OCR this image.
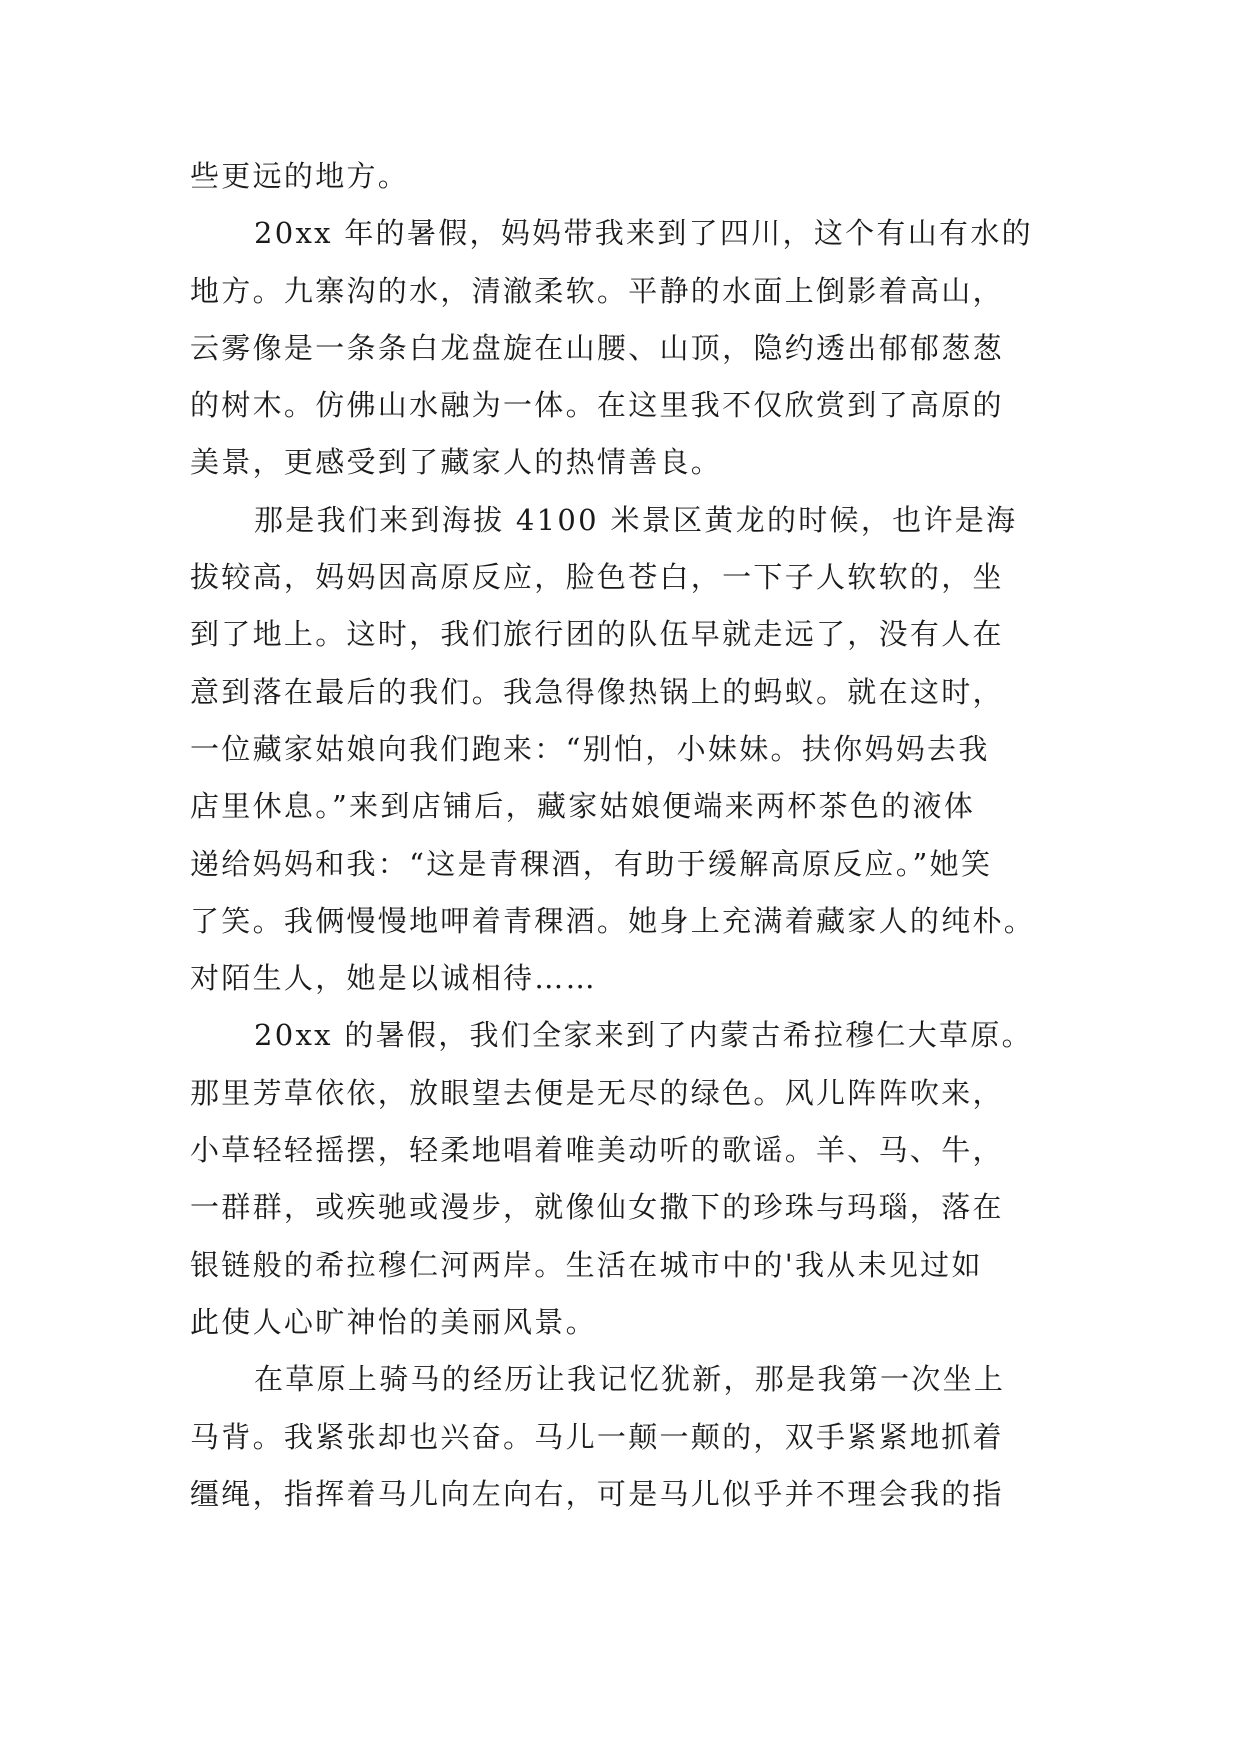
些更远的地方。
20xx 年的暑假，妈妈带我来到了四川，这个有山有水的
地方。九寨沟的水，清澈柔软。平静的水面上倒影着高山，
云雾像是一条条白龙盘旋在山腰、山顶，隐约透出郁郁葱葱
的树木。仿佛山水融为一体。在这里我不仅欣赏到了高原的
美景，更感受到了藏家人的热情善良。
那是我们来到海拔 4100 米景区黄龙的时候，也许是海
拔较高，妈妈因高原反应，脸色苍白，一下子人软软的，坐
到了地上。这时，我们旅行团的队伍早就走远了，没有人在
意到落在最后的我们。我急得像热锅上的蚂蚁。就在这时，
一位藏家姑娘向我们跑来：“别怕，小妹妹。扶你妈妈去我
店里休息。”来到店铺后，藏家姑娘便端来两杯茶色的液体
递给妈妈和我：“这是青稞酒，有助于缓解高原反应。”她笑
了笑。我俩慢慢地呷着青稞酒。她身上充满着藏家人的纯朴。
对陌生人，她是以诚相待……
20xx 的暑假，我们全家来到了内蒙古希拉穆仁大草原。
那里芳草依依，放眼望去便是无尽的绿色。风儿阵阵吹来，
小草轻轻摇摆，轻柔地唱着唯美动听的歌谣。羊、马、牛，
一群群，或疾驰或漫步，就像仙女撒下的珍珠与玛瑙，落在
银链般的希拉穆仁河两岸。生活在城市中的'我从未见过如
此使人心旷神怡的美丽风景。
在草原上骑马的经历让我记忆犹新，那是我第一次坐上
马背。我紧张却也兴奋。马儿一颠一颠的，双手紧紧地抓着
缰绳，指挥着马儿向左向右，可是马儿似乎并不理会我的指
